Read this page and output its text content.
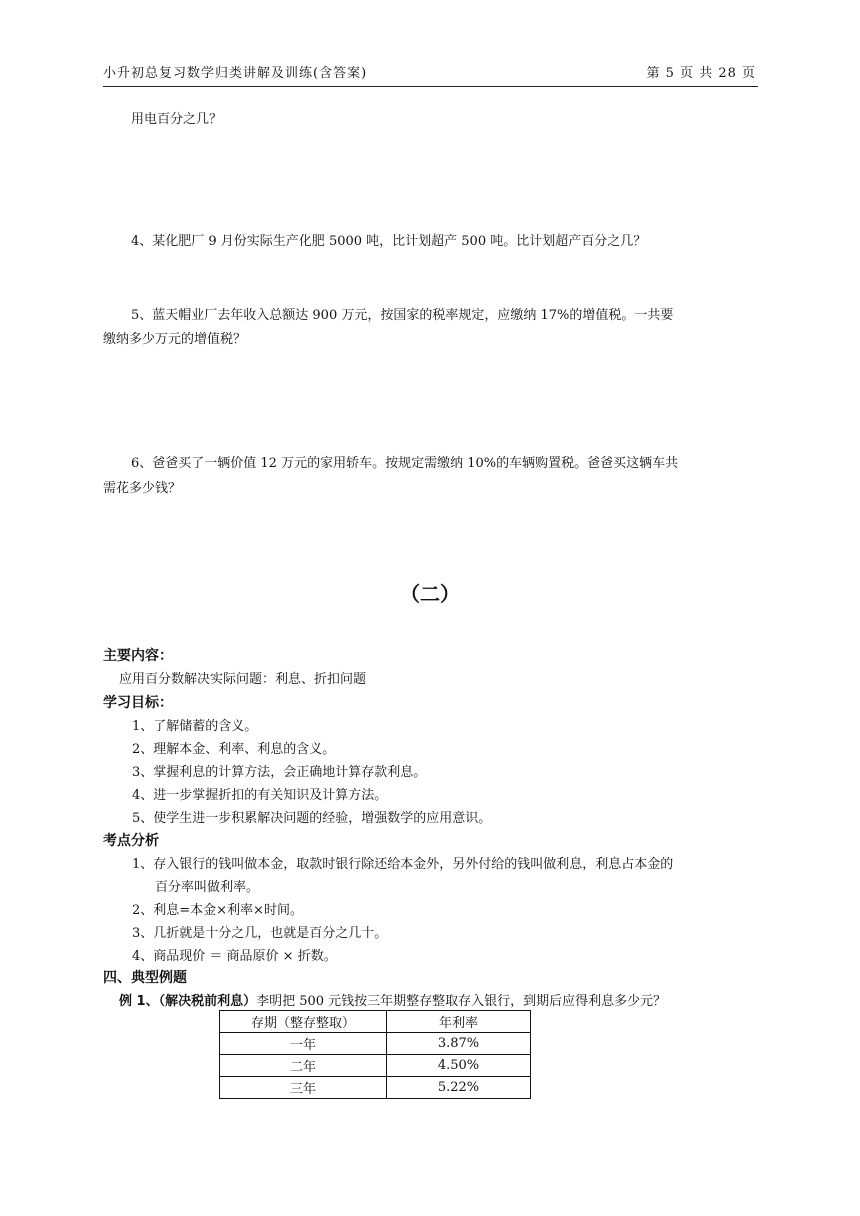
小升初总复习数学归类讲解及训练(含答案)	第 5 页 共 28 页
用电百分之几？
4、某化肥厂 9 月份实际生产化肥 5000 吨，比计划超产 500 吨。比计划超产百分之几？
5、蓝天帽业厂去年收入总额达 900 万元，按国家的税率规定，应缴纳 17%的增值税。一共要
缴纳多少万元的增值税？
6、爸爸买了一辆价值 12 万元的家用轿车。按规定需缴纳 10%的车辆购置税。爸爸买这辆车共
需花多少钱？
（二）
主要内容：
应用百分数解决实际问题：利息、折扣问题
学习目标：
1、了解储蓄的含义。
2、理解本金、利率、利息的含义。
3、掌握利息的计算方法，会正确地计算存款利息。
4、进一步掌握折扣的有关知识及计算方法。
5、使学生进一步积累解决问题的经验，增强数学的应用意识。
考点分析
1、存入银行的钱叫做本金，取款时银行除还给本金外，另外付给的钱叫做利息，利息占本金的
百分率叫做利率。
2、利息=本金×利率×时间。
3、几折就是十分之几，也就是百分之几十。
4、商品现价 ＝ 商品原价 × 折数。
四、典型例题
例 1、（解决税前利息）李明把 500 元钱按三年期整存整取存入银行，到期后应得利息多少元？
存期（整存整取）	年利率
一年	3.87%
二年	4.50%
三年	5.22%
